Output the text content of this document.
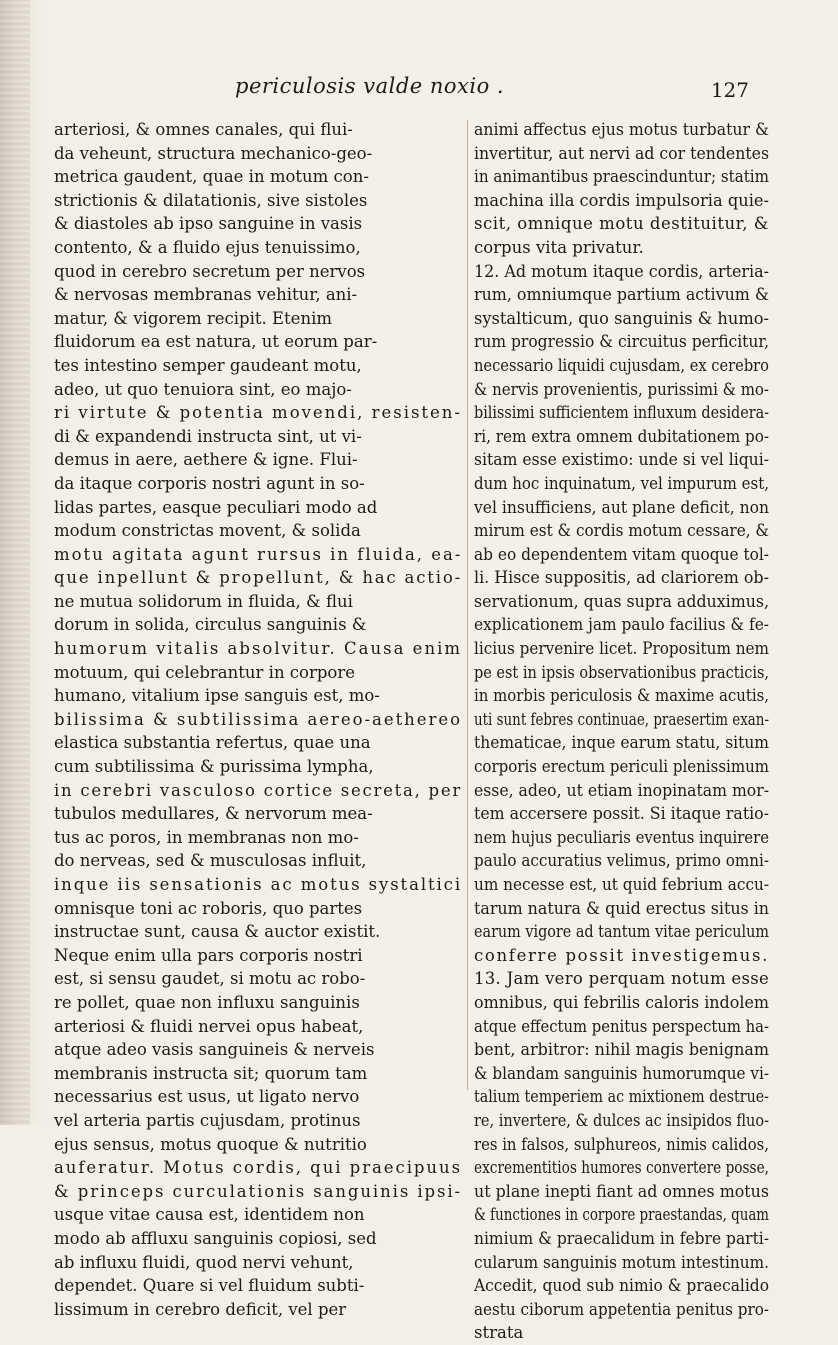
periculosis valde noxio .	127
arteriosi, & omnes canales, qui flui-
da veheunt, structura mechanico-geo-
metrica gaudent, quae in motum con-
strictionis & dilatationis, sive sistoles
& diastoles ab ipso sanguine in vasis
contento, & a fluido ejus tenuissimo,
quod in cerebro secretum per nervos
& nervosas membranas vehitur, ani-
matur, & vigorem recipit. Etenim
fluidorum ea est natura, ut eorum par-
tes intestino semper gaudeant motu,
adeo, ut quo tenuiora sint, eo majo-
ri virtute & potentia movendi, resisten-
di & expandendi instructa sint, ut vi-
demus in aere, aethere & igne. Flui-
da itaque corporis nostri agunt in so-
lidas partes, easque peculiari modo ad
modum constrictas movent, & solida
motu agitata agunt rursus in fluida, ea-
que inpellunt & propellunt, & hac actio-
ne mutua solidorum in fluida, & flui
dorum in solida, circulus sanguinis &
humorum vitalis absolvitur. Causa enim
motuum, qui celebrantur in corpore
humano, vitalium ipse sanguis est, mo-
bilissima & subtilissima aereo-aethereo
elastica substantia refertus, quae una
cum subtilissima & purissima lympha,
in cerebri vasculoso cortice secreta, per
tubulos medullares, & nervorum mea-
tus ac poros, in membranas non mo-
do nerveas, sed & musculosas influit,
inque iis sensationis ac motus systaltici
omnisque toni ac roboris, quo partes
instructae sunt, causa & auctor existit.
Neque enim ulla pars corporis nostri
est, si sensu gaudet, si motu ac robo-
re pollet, quae non influxu sanguinis
arteriosi & fluidi nervei opus habeat,
atque adeo vasis sanguineis & nerveis
membranis instructa sit; quorum tam
necessarius est usus, ut ligato nervo
vel arteria partis cujusdam, protinus
ejus sensus, motus quoque & nutritio
auferatur. Motus cordis, qui praecipuus
& princeps curculationis sanguinis ipsi-
usque vitae causa est, identidem non
modo ab affluxu sanguinis copiosi, sed
ab influxu fluidi, quod nervi vehunt,
dependet. Quare si vel fluidum subti-
lissimum in cerebro deficit, vel per
animi affectus ejus motus turbatur &
invertitur, aut nervi ad cor tendentes
in animantibus praescinduntur; statim
machina illa cordis impulsoria quie-
scit, omnique motu destituitur, &
corpus vita privatur.
12. Ad motum itaque cordis, arteria-
rum, omniumque partium activum &
systalticum, quo sanguinis & humo-
rum progressio & circuitus perficitur,
necessario liquidi cujusdam, ex cerebro
& nervis provenientis, purissimi & mo-
bilissimi sufficientem influxum desidera-
ri, rem extra omnem dubitationem po-
sitam esse existimo: unde si vel liqui-
dum hoc inquinatum, vel impurum est,
vel insufficiens, aut plane deficit, non
mirum est & cordis motum cessare, &
ab eo dependentem vitam quoque tol-
li. Hisce suppositis, ad clariorem ob-
servationum, quas supra adduximus,
explicationem jam paulo facilius & fe-
licius pervenire licet. Propositum nem
pe est in ipsis observationibus practicis,
in morbis periculosis & maxime acutis,
uti sunt febres continuae, praesertim exan-
thematicae, inque earum statu, situm
corporis erectum periculi plenissimum
esse, adeo, ut etiam inopinatam mor-
tem accersere possit. Si itaque ratio-
nem hujus peculiaris eventus inquirere
paulo accuratius velimus, primo omni-
um necesse est, ut quid febrium accu-
tarum natura & quid erectus situs in
earum vigore ad tantum vitae periculum
conferre possit investigemus.
13. Jam vero perquam notum esse
omnibus, qui febrilis caloris indolem
atque effectum penitus perspectum ha-
bent, arbitror: nihil magis benignam
& blandam sanguinis humorumque vi-
talium temperiem ac mixtionem destrue-
re, invertere, & dulces ac insipidos fluo-
res in falsos, sulphureos, nimis calidos,
excrementitios humores convertere posse,
ut plane inepti fiant ad omnes motus
& functiones in corpore praestandas, quam
nimium & praecalidum in febre parti-
cularum sanguinis motum intestinum.
Accedit, quod sub nimio & praecalido
aestu ciborum appetentia penitus pro-
strata
